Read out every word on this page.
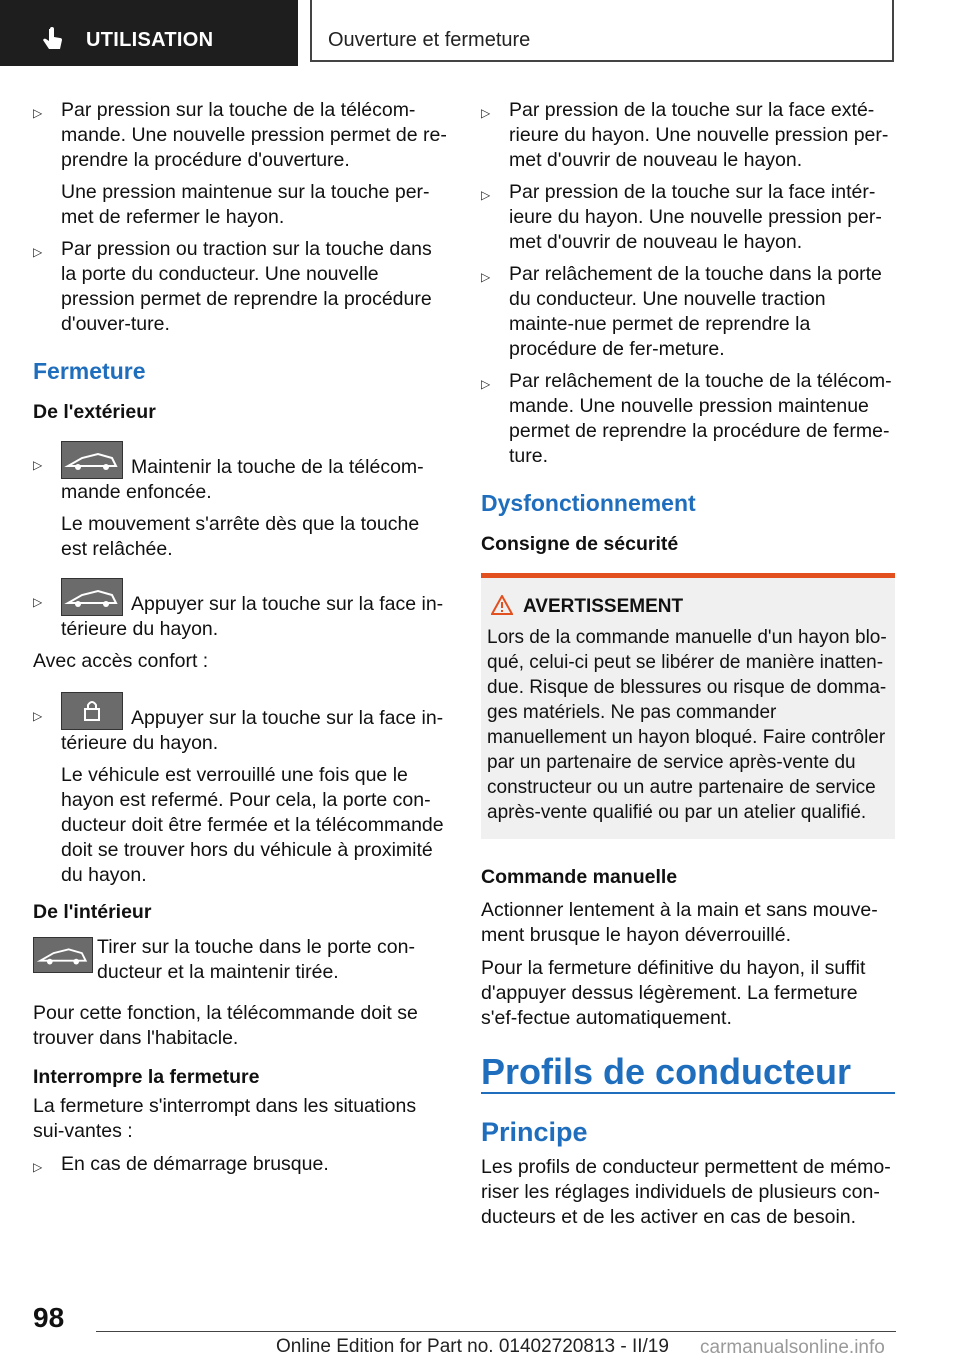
UTILISATION	Ouverture et fermeture
▷ Par pression sur la touche de la télécom-mande. Une nouvelle pression permet de re-prendre la procédure d'ouverture.

Une pression maintenue sur la touche per-met de refermer le hayon.

▷ Par pression ou traction sur la touche dans la porte du conducteur. Une nouvelle pression permet de reprendre la procédure d'ouver-ture.

Fermeture
De l'extérieur
▷	Maintenir la touche de la télécom-mande enfoncée.

Le mouvement s'arrête dès que la touche est relâchée.

▷	Appuyer sur la touche sur la face in-térieure du hayon.

Avec accès confort :

▷	Appuyer sur la touche sur la face in-térieure du hayon.

Le véhicule est verrouillé une fois que le hayon est refermé. Pour cela, la porte con-ducteur doit être fermée et la télécommande doit se trouver hors du véhicule à proximité du hayon.

De l'intérieur

Tirer sur la touche dans le porte con-ducteur et la maintenir tirée.

Pour cette fonction, la télécommande doit se trouver dans l'habitacle.

Interrompre la fermeture

La fermeture s'interrompt dans les situations sui-vantes :

▷ En cas de démarrage brusque.

▷ Par pression de la touche sur la face exté-rieure du hayon. Une nouvelle pression per-met d'ouvrir de nouveau le hayon.

▷ Par pression de la touche sur la face intér-ieure du hayon. Une nouvelle pression per-met d'ouvrir de nouveau le hayon.

▷ Par relâchement de la touche dans la porte du conducteur. Une nouvelle traction mainte-nue permet de reprendre la procédure de fer-meture.

▷ Par relâchement de la touche de la télécom-mande. Une nouvelle pression maintenue permet de reprendre la procédure de ferme-ture.

Dysfonctionnement
Consigne de sécurité
AVERTISSEMENT

Lors de la commande manuelle d'un hayon blo-qué, celui-ci peut se libérer de manière inatten-due. Risque de blessures ou risque de domma-ges matériels. Ne pas commander manuellement un hayon bloqué. Faire contrôler par un partenaire de service après-vente du constructeur ou un autre partenaire de service après-vente qualifié ou par un atelier qualifié.

Commande manuelle

Actionner lentement à la main et sans mouve-ment brusque le hayon déverrouillé.

Pour la fermeture définitive du hayon, il suffit d'appuyer dessus légèrement. La fermeture s'ef-fectue automatiquement.

Profils de conducteur
Principe

Les profils de conducteur permettent de mémo-riser les réglages individuels de plusieurs con-ducteurs et de les activer en cas de besoin.

98
Online Edition for Part no. 01402720813 - II/19 carmanualsonline.info
